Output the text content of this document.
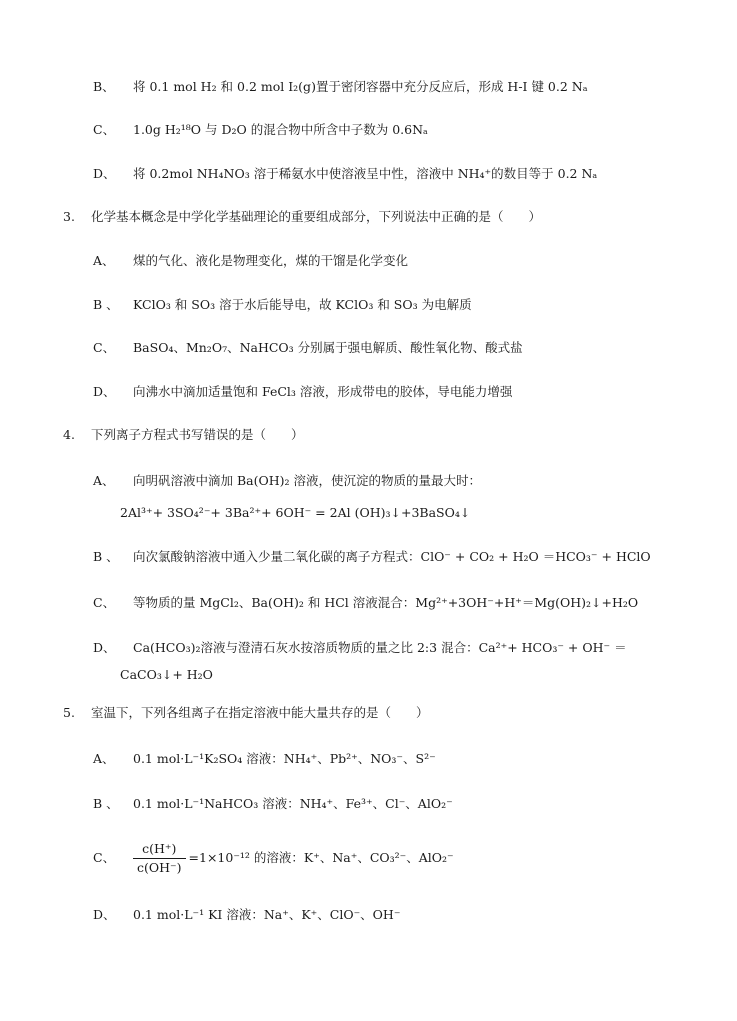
B、 将 0.1 mol H₂ 和 0.2 mol I₂(g)置于密闭容器中充分反应后，形成 H-I 键 0.2 Nₐ
C、 1.0g H₂¹⁸O 与 D₂O 的混合物中所含中子数为 0.6Nₐ
D、 将 0.2mol NH₄NO₃ 溶于稀氨水中使溶液呈中性，溶液中 NH₄⁺的数目等于 0.2 Nₐ
3. 化学基本概念是中学化学基础理论的重要组成部分，下列说法中正确的是（　　）
A、 煤的气化、液化是物理变化，煤的干馏是化学变化
B 、 KClO₃ 和 SO₃ 溶于水后能导电，故 KClO₃ 和 SO₃ 为电解质
C、 BaSO₄、Mn₂O₇、NaHCO₃ 分别属于强电解质、酸性氧化物、酸式盐
D、 向沸水中滴加适量饱和 FeCl₃ 溶液，形成带电的胶体，导电能力增强
4. 下列离子方程式书写错误的是（　　）
A、 向明矾溶液中滴加 Ba(OH)₂ 溶液，使沉淀的物质的量最大时：
2Al³⁺+ 3SO₄²⁻+ 3Ba²⁺+ 6OH⁻ = 2Al (OH)₃↓+3BaSO₄↓
B 、 向次氯酸钠溶液中通入少量二氧化碳的离子方程式：ClO⁻ + CO₂ + H₂O ＝HCO₃⁻ + HClO
C、 等物质的量 MgCl₂、Ba(OH)₂ 和 HCl 溶液混合：Mg²⁺+3OH⁻+H⁺＝Mg(OH)₂↓+H₂O
D、 Ca(HCO₃)₂溶液与澄清石灰水按溶质物质的量之比 2:3 混合：Ca²⁺+ HCO₃⁻ + OH⁻ ＝
CaCO₃↓+ H₂O
5. 室温下，下列各组离子在指定溶液中能大量共存的是（　　）
A、 0.1 mol·L⁻¹K₂SO₄ 溶液：NH₄⁺、Pb²⁺、NO₃⁻、S²⁻
B 、 0.1 mol·L⁻¹NaHCO₃ 溶液：NH₄⁺、Fe³⁺、Cl⁻、AlO₂⁻
C、 $\frac{c(H^+)}{c(OH^-)} =1\times 10^{-12}$ 的溶液：K⁺、Na⁺、CO₃²⁻、AlO₂⁻
D、 0.1 mol·L⁻¹ KI 溶液：Na⁺、K⁺、ClO⁻、OH⁻
